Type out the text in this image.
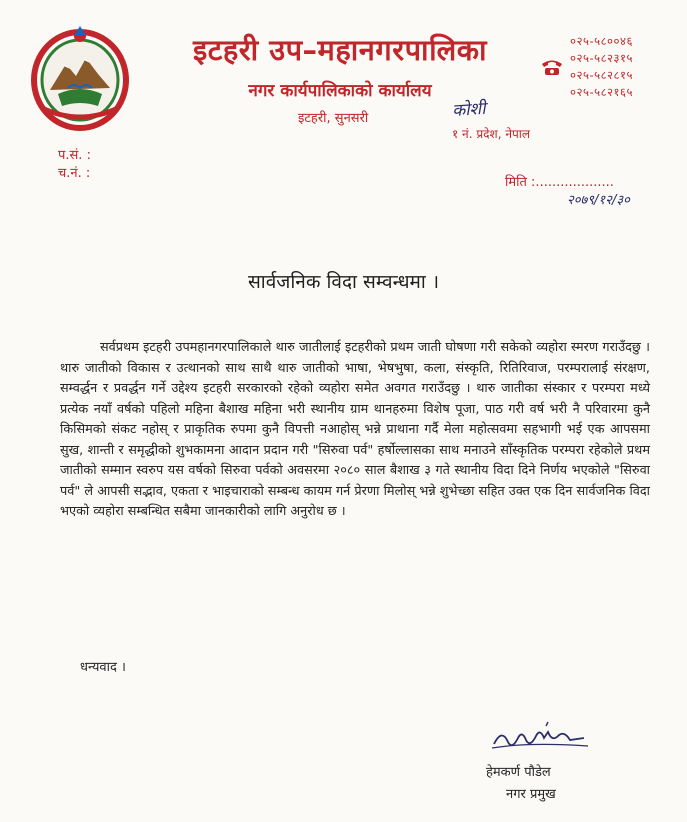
इटहरी उप–महानगरपालिका
नगर कार्यपालिकाको कार्यालय
इटहरी, सुनसरी	कोशी
१ नं. प्रदेश, नेपाल
०२५-५८००४६
०२५-५८२३१५
०२५-५८२८१५
०२५-५८२१६५
प.सं. :
च.नं. :
मिति :...................
२०७९/१२/३०
सार्वजनिक विदा सम्वन्धमा ।

सर्वप्रथम इटहरी उपमहानगरपालिकाले थारु जातीलाई इटहरीको प्रथम जाती घोषणा गरी सकेको व्यहोरा स्मरण गराउँदछु । थारु जातीको विकास र उत्थानको साथ साथै थारु जातीको भाषा, भेषभुषा, कला, संस्कृति, रितिरिवाज, परम्परालाई संरक्षण, सम्वर्द्धन र प्रवर्द्धन गर्ने उद्देश्य इटहरी सरकारको रहेको व्यहोरा समेत अवगत गराउँदछु । थारु जातीका संस्कार र परम्परा मध्ये प्रत्येक नयाँ वर्षको पहिलो महिना बैशाख महिना भरी स्थानीय ग्राम थानहरुमा विशेष पूजा, पाठ गरी वर्ष भरी नै परिवारमा कुनै किसिमको संकट नहोस् र प्राकृतिक रुपमा कुनै विपत्ती नआहोस् भन्ने प्राथाना गर्दै मेला महोत्सवमा सहभागी भई एक आपसमा सुख, शान्ती र समृद्धीको शुभकामना आदान प्रदान गरी "सिरुवा पर्व" हर्षोल्लासका साथ मनाउने साँस्कृतिक परम्परा रहेकोले प्रथम जातीको सम्मान स्वरुप यस वर्षको सिरुवा पर्वको अवसरमा २०८० साल बैशाख ३ गते स्थानीय विदा दिने निर्णय भएकोले "सिरुवा पर्व" ले आपसी सद्भाव, एकता र भाइचाराको सम्बन्ध कायम गर्न प्रेरणा मिलोस् भन्ने शुभेच्छा सहित उक्त एक दिन सार्वजनिक विदा भएको व्यहोरा सम्बन्धित सबैमा जानकारीको लागि अनुरोध छ ।

धन्यवाद ।
हेमकर्ण पौडेल
नगर प्रमुख
